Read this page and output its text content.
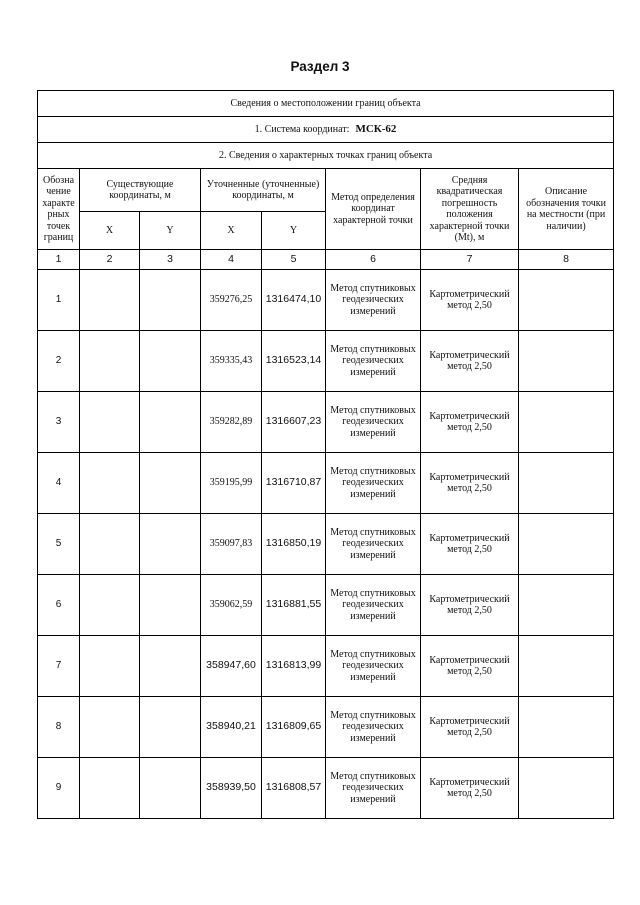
Раздел 3
Сведения о местоположении границ объекта							
1. Система координат: МСК-62							
2. Сведения о характерных точках границ объекта							
Обозна чение характе рных точек границ	Существующие координаты, м		Уточненные (уточненные) координаты, м		Метод определения координат характерной точки	Средняя квадратическая погрешность положения характерной точки (Mt), м	Описание обозначения точки на местности (при наличии)
	X	Y	X	Y			
1	2	3	4	5	6	7	8
1			359276,25	1316474,10	Метод спутниковых геодезических измерений	Картометрический метод 2,50	
2			359335,43	1316523,14	Метод спутниковых геодезических измерений	Картометрический метод 2,50	
3			359282,89	1316607,23	Метод спутниковых геодезических измерений	Картометрический метод 2,50	
4			359195,99	1316710,87	Метод спутниковых геодезических измерений	Картометрический метод 2,50	
5			359097,83	1316850,19	Метод спутниковых геодезических измерений	Картометрический метод 2,50	
6			359062,59	1316881,55	Метод спутниковых геодезических измерений	Картометрический метод 2,50	
7			358947,60	1316813,99	Метод спутниковых геодезических измерений	Картометрический метод 2,50	
8			358940,21	1316809,65	Метод спутниковых геодезических измерений	Картометрический метод 2,50	
9			358939,50	1316808,57	Метод спутниковых геодезических измерений	Картометрический метод 2,50	
